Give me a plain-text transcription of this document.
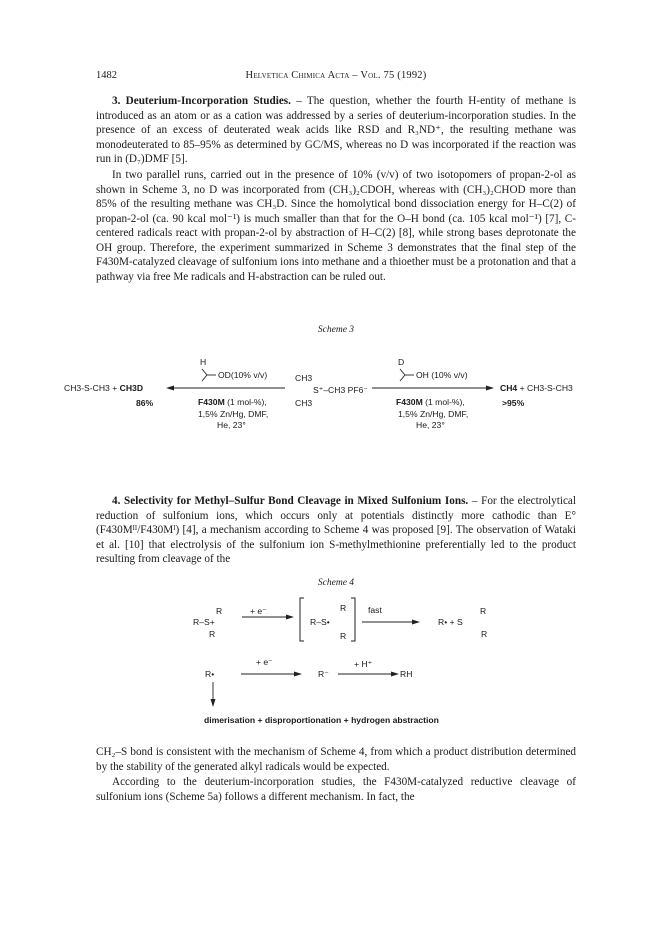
1482	Helvetica Chimica Acta – Vol. 75 (1992)

3. Deuterium-Incorporation Studies. – The question, whether the fourth H-entity of methane is introduced as an atom or as a cation was addressed by a series of deuterium-incorporation studies. In the presence of an excess of deuterated weak acids like RSD and R₃ND⁺, the resulting methane was monodeuterated to 85–95% as determined by GC/MS, whereas no D was incorporated if the reaction was run in (D₇)DMF [5].

In two parallel runs, carried out in the presence of 10% (v/v) of two isotopomers of propan-2-ol as shown in Scheme 3, no D was incorporated from (CH₃)₂CDOH, whereas with (CH₃)₂CHOD more than 85% of the resulting methane was CH₃D. Since the homolytical bond dissociation energy for H–C(2) of propan-2-ol (ca. 90 kcal mol⁻¹) is much smaller than that for the O–H bond (ca. 105 kcal mol⁻¹) [7], C-centered radicals react with propan-2-ol by abstraction of H–C(2) [8], while strong bases deprotonate the OH group. Therefore, the experiment summarized in Scheme 3 demonstrates that the final step of the F430M-catalyzed cleavage of sulfonium ions into methane and a thioether must be a protonation and that a pathway via free Me radicals and H-abstraction can be ruled out.

Scheme 3
H
OD(10% v/v)
CH3-S-CH3 + CH3D
86%	F430M (1 mol-%),
1,5% Zn/Hg, DMF,
He, 23°
CH3
S⁺–CH3 PF6⁻
CH3
D
OH (10% v/v)
CH4 + CH3-S-CH3
>95%
F430M (1 mol-%),
1,5% Zn/Hg, DMF,
He, 23°

4. Selectivity for Methyl–Sulfur Bond Cleavage in Mixed Sulfonium Ions. – For the electrolytical reduction of sulfonium ions, which occurs only at potentials distinctly more cathodic than E°(F430Mᴵᴵ/F430Mᴵ) [4], a mechanism according to Scheme 4 was proposed [9]. The observation of Wataki et al. [10] that electrolysis of the sulfonium ion S-methylmethionine preferentially led to the product resulting from cleavage of the

Scheme 4
R
R–S+
R
+ e⁻	R
R–S•
R
fast
R• + S
R
R
R•
+ e⁻
R⁻
+ H⁺
RH
dimerisation + disproportionation + hydrogen abstraction

CH₂–S bond is consistent with the mechanism of Scheme 4, from which a product distribution determined by the stability of the generated alkyl radicals would be expected.

According to the deuterium-incorporation studies, the F430M-catalyzed reductive cleavage of sulfonium ions (Scheme 5a) follows a different mechanism. In fact, the
